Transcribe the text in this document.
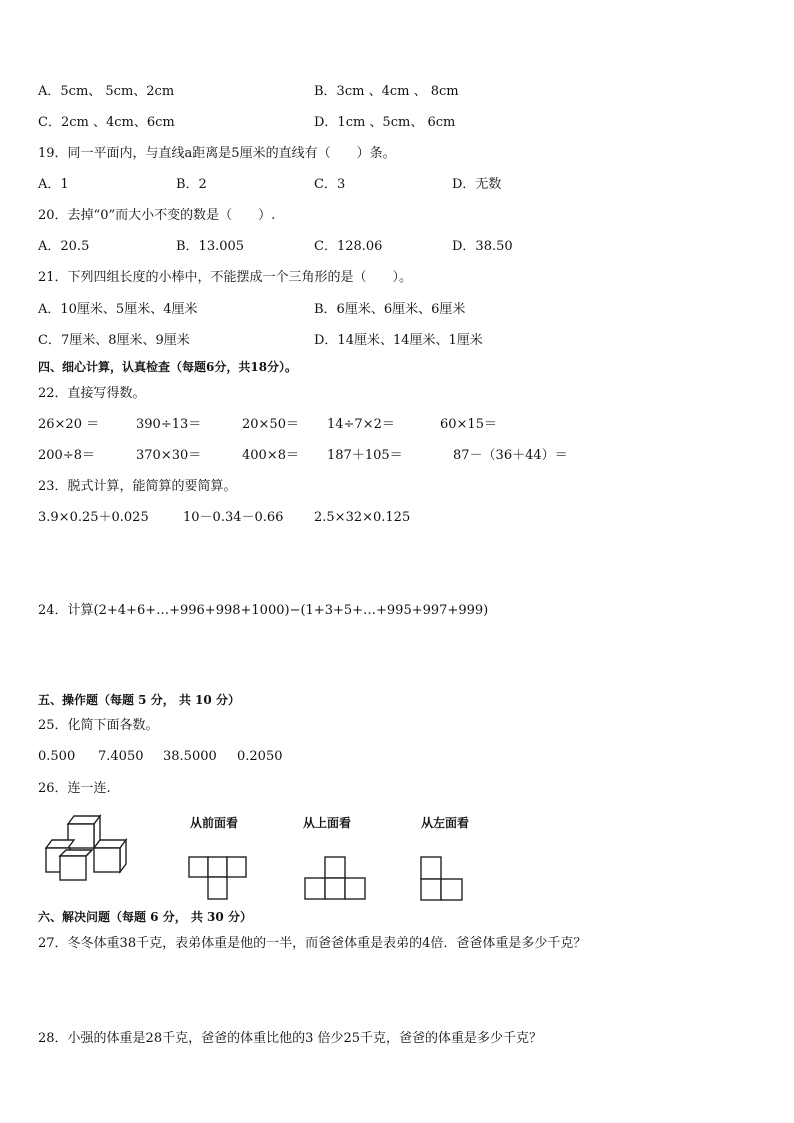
A．5cm、 5cm、2cm	B．3cm 、4cm 、 8cm
C．2cm 、4cm、6cm	D．1cm 、5cm、 6cm
19．同一平面内，与直线a距离是5厘米的直线有（　　）条。
A．1	B．2	C．3	D．无数
20．去掉“0”而大小不变的数是（　　）.
A．20.5	B．13.005	C．128.06	D．38.50
21．下列四组长度的小棒中，不能摆成一个三角形的是（　　）。
A．10厘米、5厘米、4厘米	B．6厘米、6厘米、6厘米
C．7厘米、8厘米、9厘米	D．14厘米、14厘米、1厘米
四、细心计算，认真检查（每题6分，共18分）。
22．直接写得数。
26×20 ＝	390÷13＝	20×50＝ 14÷7×2＝	60×15＝
200÷8＝	370×30＝	400×8＝ 187＋105＝	87－（36＋44）＝
23．脱式计算，能简算的要简算。
3.9×0.25＋0.025	10－0.34－0.66 2.5×32×0.125
24．计算(2+4+6+…+996+998+1000)−(1+3+5+…+995+997+999)
五、操作题（每题 5 分， 共 10 分）
25．化简下面各数。
0.500 7.4050 38.5000 0.2050
26．连一连.
从前面看	从上面看	从左面看
六、解决问题（每题 6 分， 共 30 分）
27．冬冬体重38千克，表弟体重是他的一半，而爸爸体重是表弟的4倍．爸爸体重是多少千克？
28．小强的体重是28千克，爸爸的体重比他的3 倍少25千克，爸爸的体重是多少千克？
